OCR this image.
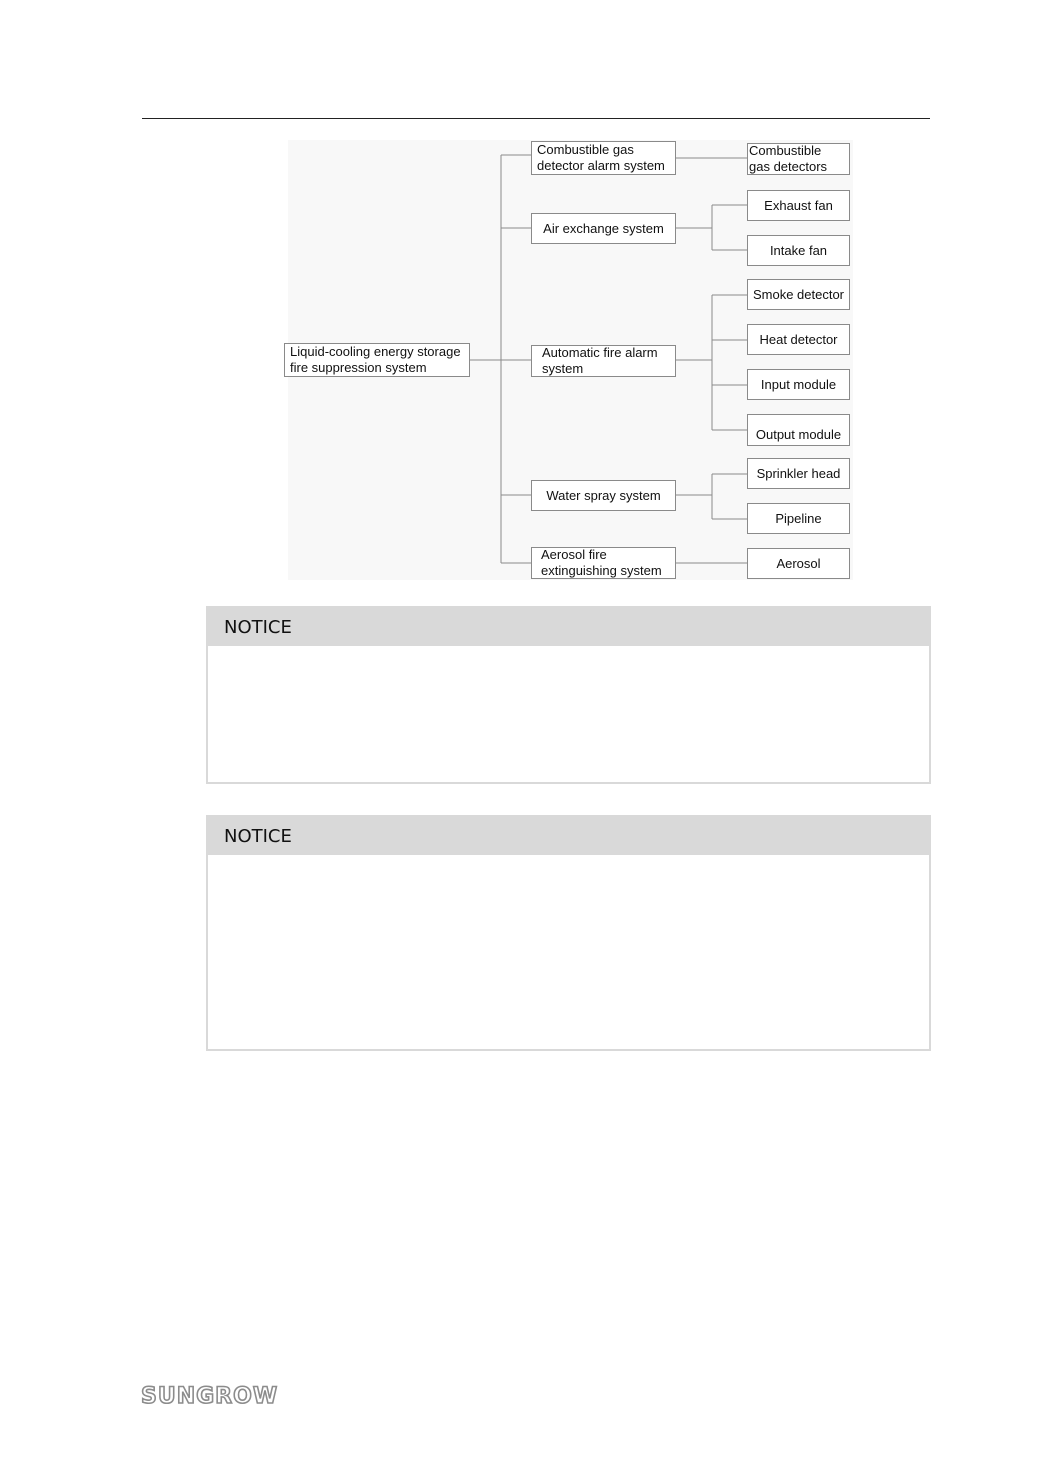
Liquid-cooling energy storage fire suppression system
Combustible gas detector alarm system
Air exchange system
Automatic fire alarm system
Water spray system
Aerosol fire extinguishing system
Combustible gas detectors
Exhaust fan
Intake fan
Smoke detector
Heat detector
Input module
Output module
Sprinkler head
Pipeline
Aerosol
NOTICE
NOTICE
SUNGROW
